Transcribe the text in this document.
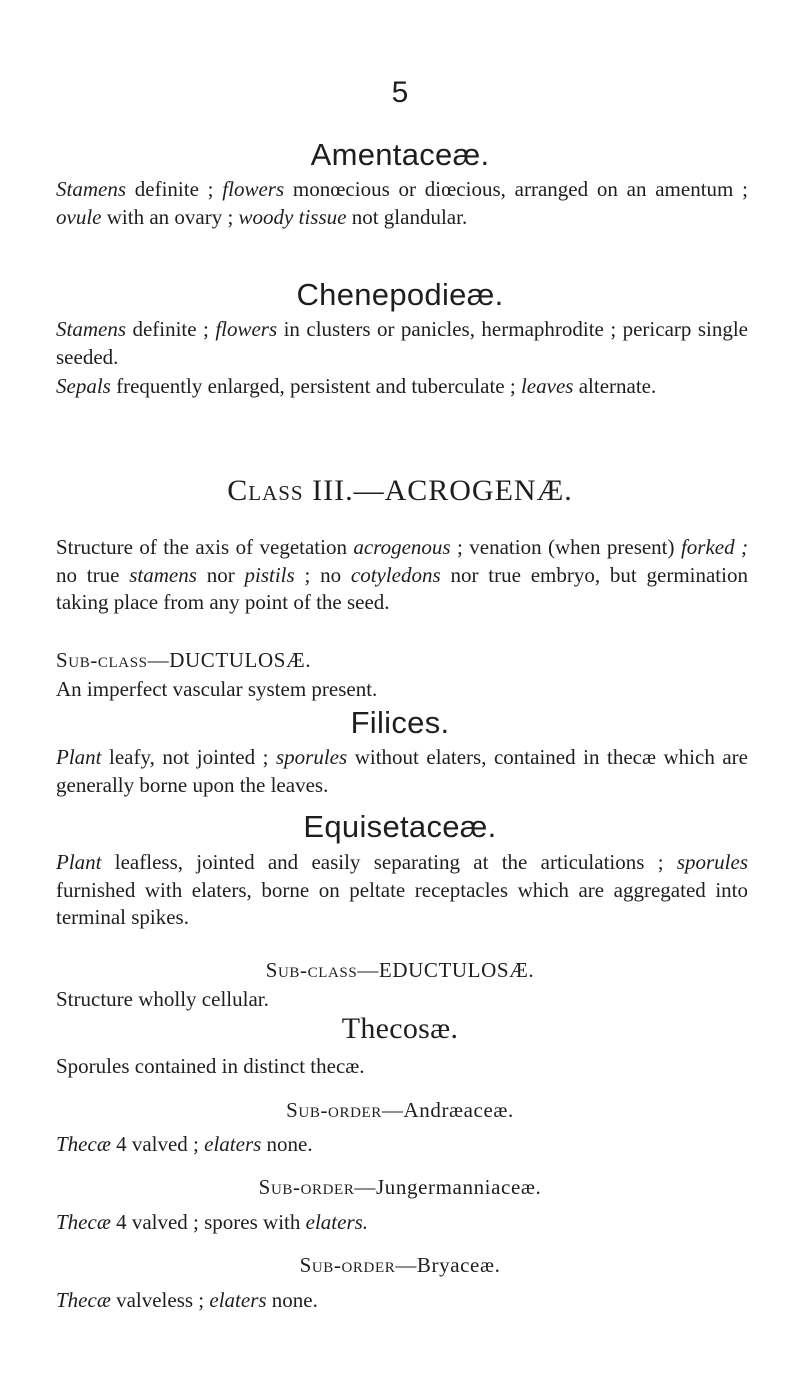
5
Amentaceæ.

Stamens definite ; flowers monœcious or diœcious, arranged on an amentum ; ovule with an ovary ; woody tissue not glandular.

Chenepodieæ.

Stamens definite ; flowers in clusters or panicles, hermaphrodite ; pericarp single seeded.

Sepals frequently enlarged, persistent and tuberculate ; leaves alternate.

Class III.—ACROGENÆ.

Structure of the axis of vegetation acrogenous ; venation (when present) forked ; no true stamens nor pistils ; no cotyledons nor true embryo, but germination taking place from any point of the seed.

Sub-class—DUCTULOSÆ.

An imperfect vascular system present.

Filices.

Plant leafy, not jointed ; sporules without elaters, contained in thecæ which are generally borne upon the leaves.

Equisetaceæ.

Plant leafless, jointed and easily separating at the articulations ; sporules furnished with elaters, borne on peltate receptacles which are aggregated into terminal spikes.

Sub-class—EDUCTULOSÆ.

Structure wholly cellular.

Thecosæ.

Sporules contained in distinct thecæ.

Sub-order—Andræaceæ.

Thecæ 4 valved ; elaters none.

Sub-order—Jungermanniaceæ.

Thecæ 4 valved ; spores with elaters.

Sub-order—Bryaceæ.

Thecæ valveless ; elaters none.
